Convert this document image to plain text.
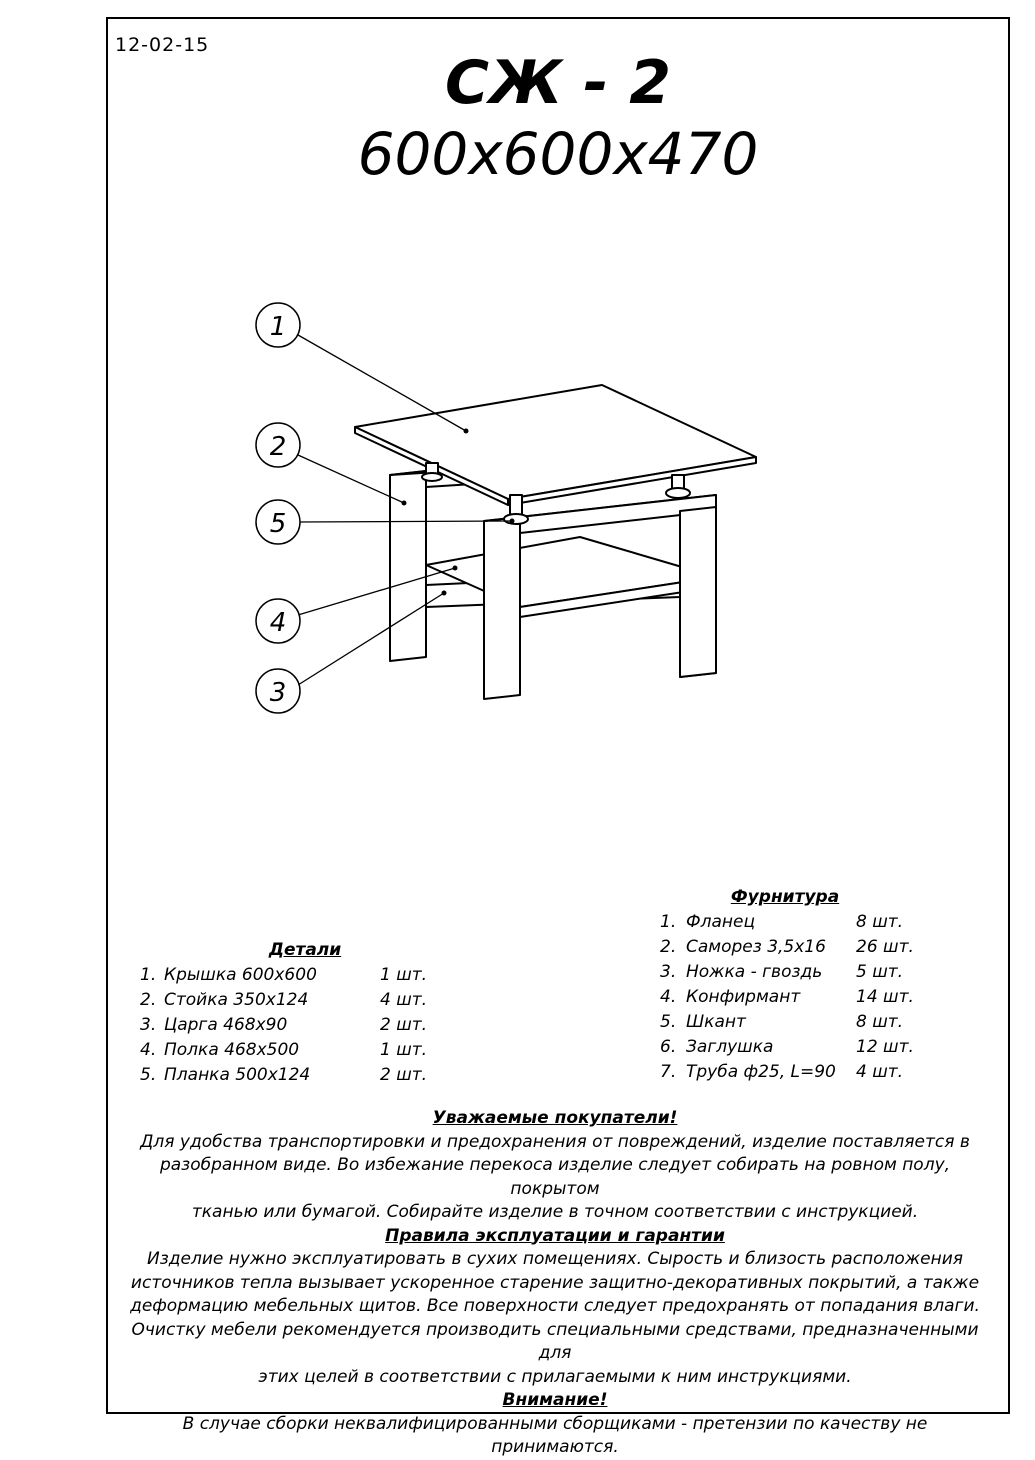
12-02-15
СЖ - 2
600х600х470
1
2
5
4
3
Детали
1. Крышка 600х600	1 шт.
2. Стойка 350х124	4 шт.
3. Царга 468х90	2 шт.
4. Полка 468х500	1 шт.
5. Планка 500х124	2 шт.
Фурнитура
1. Фланец	8 шт.
2. Саморез 3,5х16	26 шт.
3. Ножка - гвоздь	5 шт.
4. Конфирмант	14 шт.
5. Шкант	8 шт.
6. Заглушка	12 шт.
7. Труба ф25, L=90	4 шт.

Уважаемые покупатели!

Для удобства транспортировки и предохранения от повреждений, изделие поставляется в

разобранном виде. Во избежание перекоса изделие следует собирать на ровном полу, покрытом

тканью или бумагой. Собирайте изделие в точном соответствии с инструкцией.

Правила эксплуатации и гарантии

Изделие нужно эксплуатировать в сухих помещениях. Сырость и близость расположения

источников тепла вызывает ускоренное старение защитно-декоративных покрытий, а также

деформацию мебельных щитов. Все поверхности следует предохранять от попадания влаги.

Очистку мебели рекомендуется производить специальными средствами, предназначенными для

этих целей в соответствии с прилагаемыми к ним инструкциями.

Внимание!

В случае сборки неквалифицированными сборщиками - претензии по качеству не принимаются.
